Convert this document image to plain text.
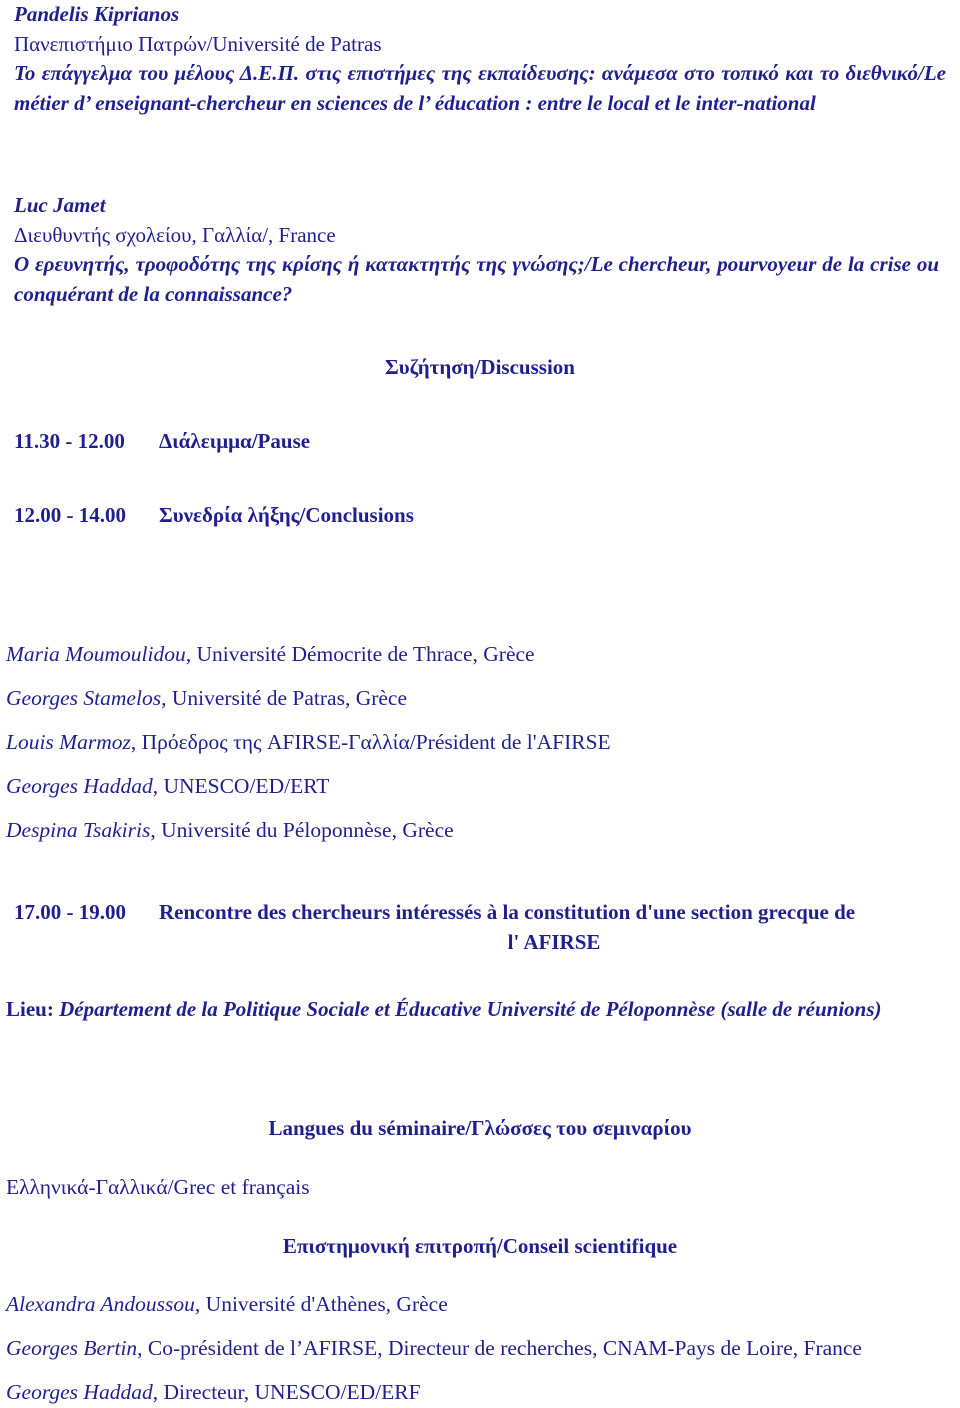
Pandelis Kiprianos
Πανεπιστήμιο Πατρών/Université de Patras
Το επάγγελμα του μέλους Δ.Ε.Π. στις επιστήμες της εκπαίδευσης: ανάμεσα στο τοπικό και το διεθνικό/Le métier d’ enseignant-chercheur en sciences de l’ éducation : entre le local et le inter-national
Luc Jamet
Διευθυντής σχολείου, Γαλλία/, France
Ο ερευνητής, τροφοδότης της κρίσης ή κατακτητής της γνώσης;/Le chercheur, pourvoyeur de la crise ou conquérant de la connaissance?
Συζήτηση/Discussion
11.30 - 12.00 Διάλειμμα/Pause
12.00 - 14.00 Συνεδρία λήξης/Conclusions
Maria Moumoulidou, Université Démocrite de Thrace, Grèce
Georges Stamelos, Université de Patras, Grèce
Louis Marmoz, Πρόεδρος της AFIRSE-Γαλλία/Président de l'AFIRSE
Georges Haddad, UNESCO/ED/ERT
Despina Tsakiris, Université du Péloponnèse, Grèce
17.00 - 19.00 Rencontre des chercheurs intéressés à la constitution d'une section grecque de
l' AFIRSE
Lieu: Département de la Politique Sociale et Éducative Université de Péloponnèse (salle de réunions)
Langues du séminaire/Γλώσσες του σεμιναρίου
Ελληνικά-Γαλλικά/Grec et français
Επιστημονική επιτροπή/Conseil scientifique
Alexandra Andoussou, Université d'Athènes, Grèce
Georges Bertin, Co-président de l’AFIRSE, Directeur de recherches, CNAM-Pays de Loire, France
Georges Haddad, Directeur, UNESCO/ED/ERF
